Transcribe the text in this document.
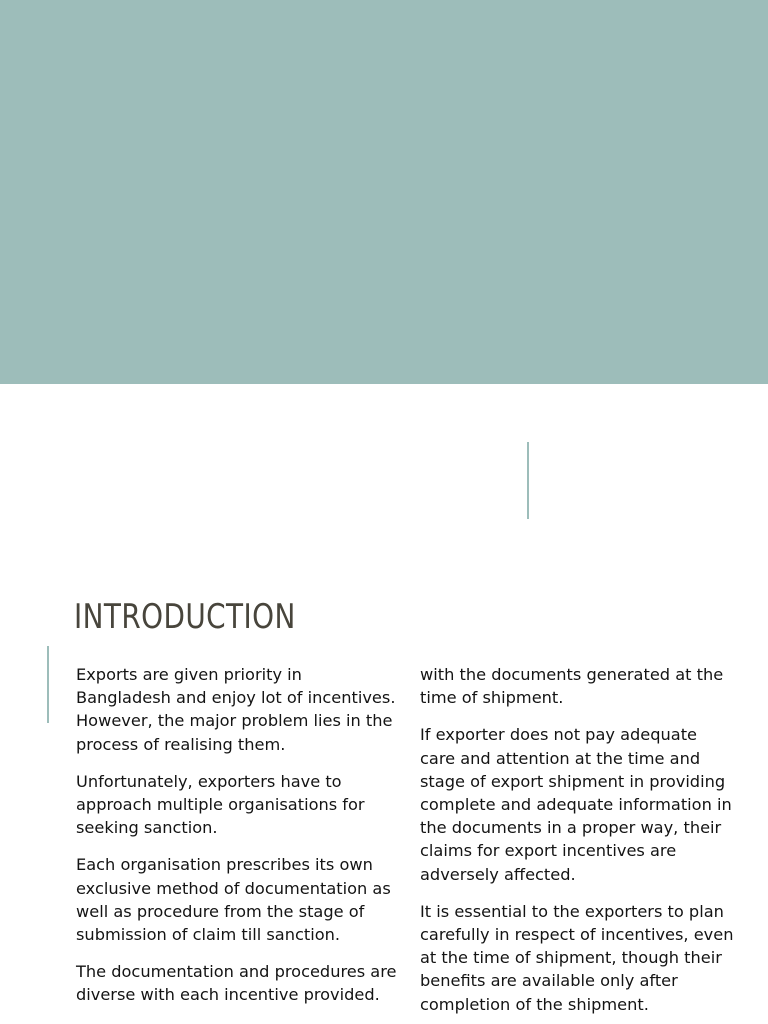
INTRODUCTION

Exports are given priority in
Bangladesh and enjoy lot of incentives.
However, the major problem lies in the
process of realising them.

Unfortunately, exporters have to
approach multiple organisations for
seeking sanction.

Each organisation prescribes its own
exclusive method of documentation as
well as procedure from the stage of
submission of claim till sanction.

The documentation and procedures are
diverse with each incentive provided.

with the documents generated at the
time of shipment.

If exporter does not pay adequate
care and attention at the time and
stage of export shipment in providing
complete and adequate information in
the documents in a proper way, their
claims for export incentives are
adversely affected.

It is essential to the exporters to plan
carefully in respect of incentives, even
at the time of shipment, though their
benefits are available only after
completion of the shipment.
